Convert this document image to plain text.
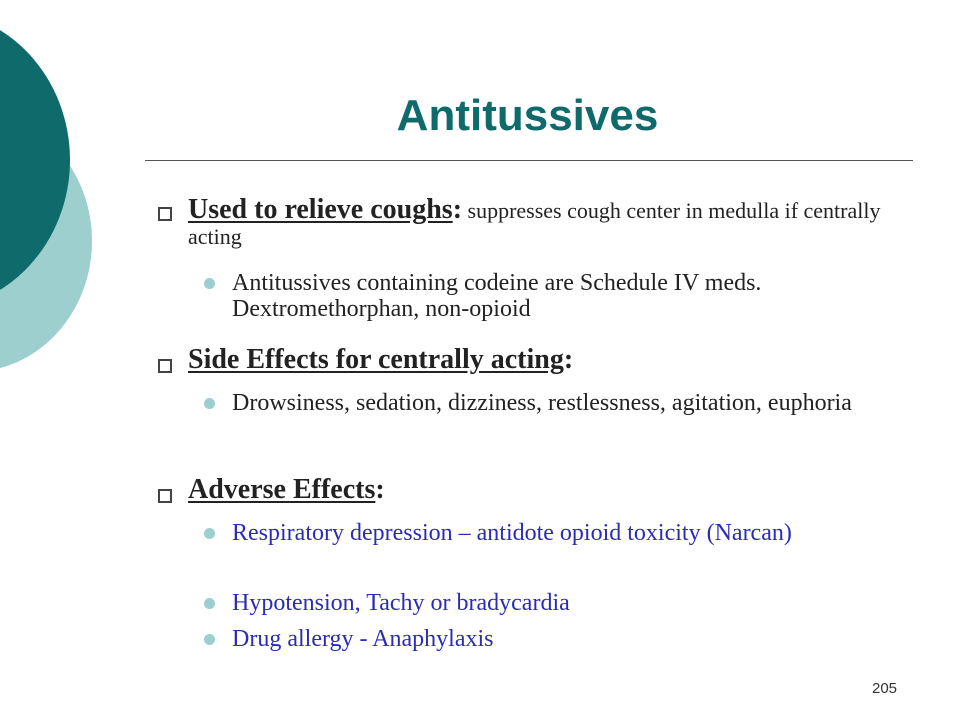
Antitussives
Used to relieve coughs: suppresses cough center in medulla if centrally acting
Antitussives containing codeine are Schedule IV meds. Dextromethorphan, non-opioid
Side Effects for centrally acting:
Drowsiness, sedation, dizziness, restlessness, agitation, euphoria
Adverse Effects:
Respiratory depression – antidote opioid toxicity (Narcan)
Hypotension, Tachy or bradycardia
Drug allergy - Anaphylaxis
205
